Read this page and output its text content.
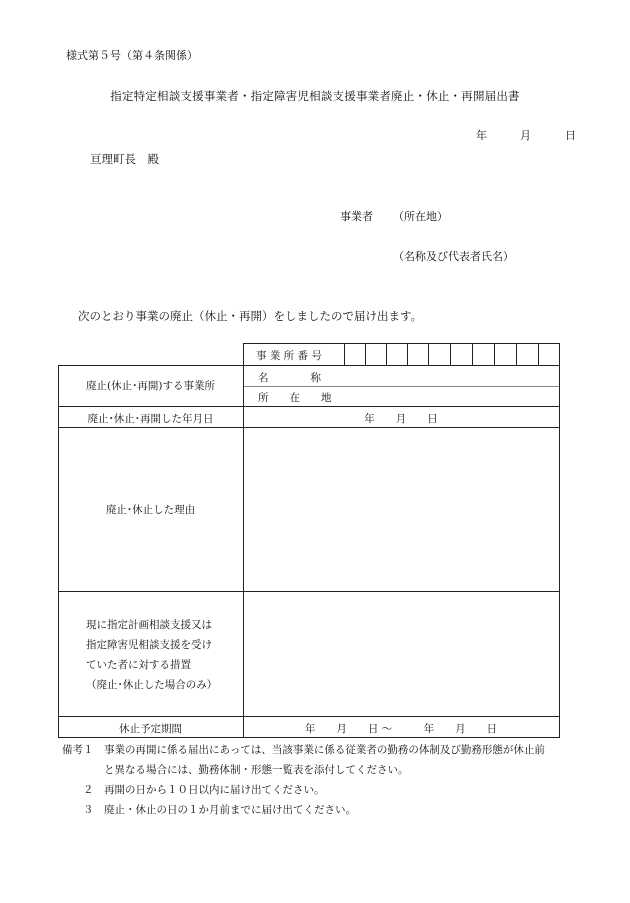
様式第５号（第４条関係）
指定特定相談支援事業者・指定障害児相談支援事業者廃止・休止・再開届出書
年	月	日
亘理町長　殿
事業者 （所在地）
（名称及び代表者氏名）
次のとおり事業の廃止（休止・再開）をしましたので届け出ます。
事 業 所 番 号
廃止(休止･再開)する事業所
名　　　　称
所　　在　　地
廃止･休止･再開した年月日	年　　月　　日
廃止･休止した理由
現に指定計画相談支援又は
指定障害児相談支援を受け
ていた者に対する措置
（廃止･休止した場合のみ）
休止予定期間	年　　月　　日 ～　　　年　　月　　日
備考１　事業の再開に係る届出にあっては、当該事業に係る従業者の勤務の体制及び勤務形態が休止前
　　　　と異なる場合には、勤務体制・形態一覧表を添付してください。
　　２　再開の日から１０日以内に届け出てください。
　　３　廃止・休止の日の１か月前までに届け出てください。
